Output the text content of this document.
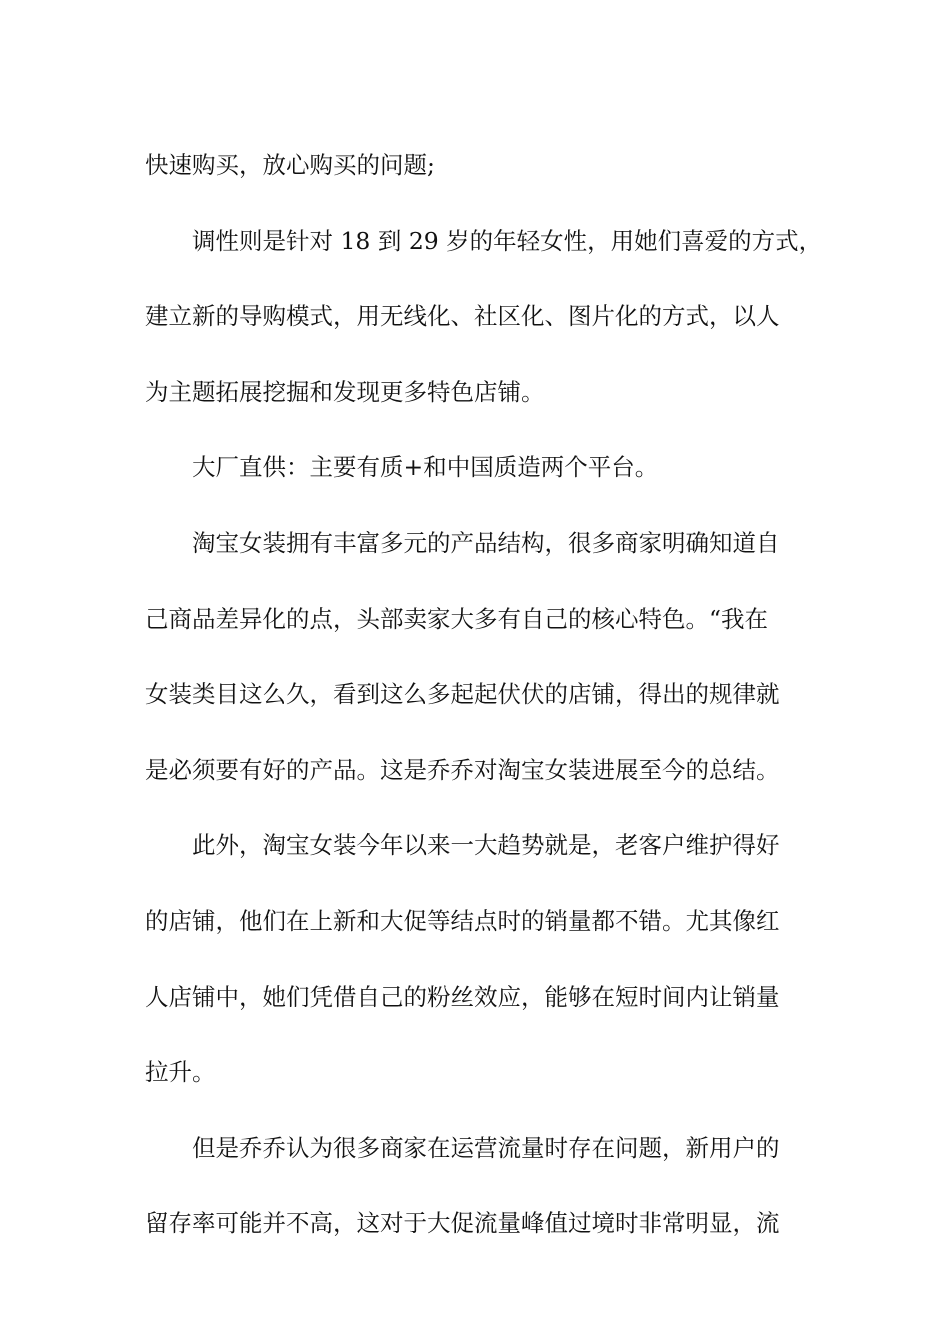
快速购买，放心购买的问题;
调性则是针对 18 到 29 岁的年轻女性，用她们喜爱的方式，
建立新的导购模式，用无线化、社区化、图片化的方式，以人
为主题拓展挖掘和发现更多特色店铺。
大厂直供：主要有质+和中国质造两个平台。
淘宝女装拥有丰富多元的产品结构，很多商家明确知道自
己商品差异化的点，头部卖家大多有自己的核心特色。“我在
女装类目这么久，看到这么多起起伏伏的店铺，得出的规律就
是必须要有好的产品。这是乔乔对淘宝女装进展至今的总结。
此外，淘宝女装今年以来一大趋势就是，老客户维护得好
的店铺，他们在上新和大促等结点时的销量都不错。尤其像红
人店铺中，她们凭借自己的粉丝效应，能够在短时间内让销量
拉升。
但是乔乔认为很多商家在运营流量时存在问题，新用户的
留存率可能并不高，这对于大促流量峰值过境时非常明显，流
